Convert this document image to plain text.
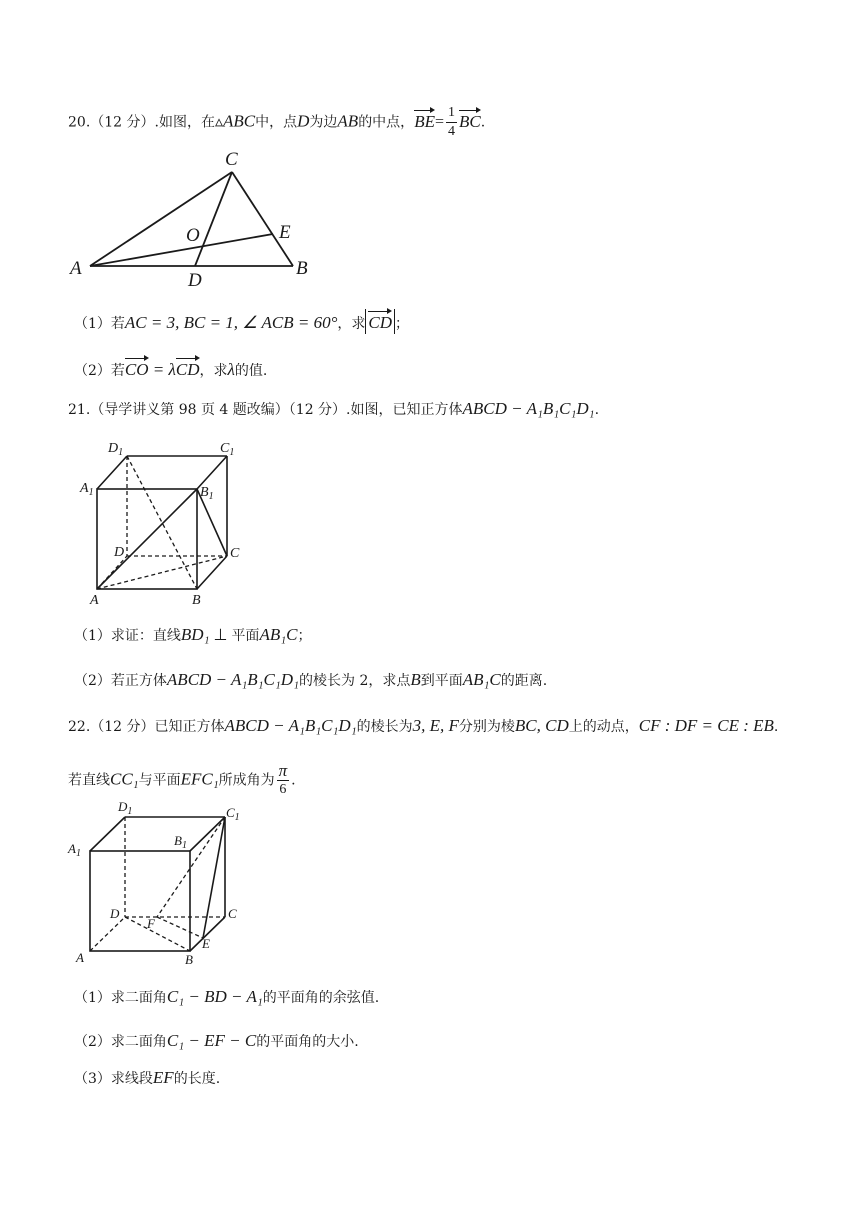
20.（12 分）.如图，在▵ABC中，点D为边AB的中点，$BE= \frac{1}{4}$ BC.
C
E
O
A	B
D
（1）若AC = 3, BC = 1, ∠ ACB = 60°，求 CD ；
（2）若CO = λCD，求λ的值.
21.（导学讲义第 98 页 4 题改编）（12 分）.如图，已知正方体ABCD − A₁B₁C₁D₁.
$D_1$	$C_1$
$A_1$	$B_1$
D	C
A	B
（1）求证：直线BD₁ ⊥ 平面AB₁C；
（2）若正方体ABCD − A₁B₁C₁D₁的棱长为 2，求点B到平面AB₁C的距离.
22.（12 分）已知正方体ABCD − A₁B₁C₁D₁的棱长为3, E, F分别为棱BC, CD上的动点，CF : DF = CE : EB.
若直线CC₁与平面EFC₁所成角为 $\frac{\pi}{6}$ .
$D_1$	$C_1$
$A_1$
$B_1$
D	C
F
E
A	B
（1）求二面角C₁ − BD − A₁的平面角的余弦值.
（2）求二面角C₁ − EF − C的平面角的大小.
（3）求线段EF的长度.
